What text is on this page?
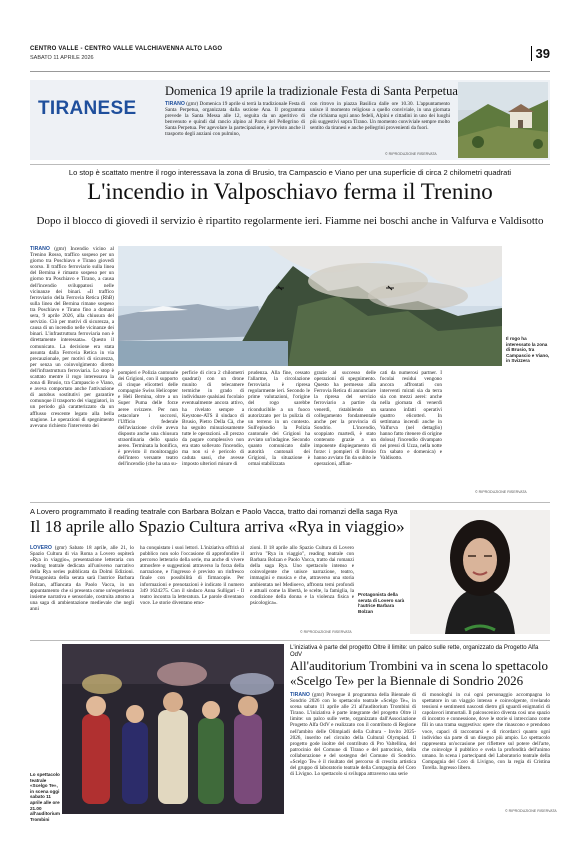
CENTRO VALLE - CENTRO VALLE VALCHIAVENNA ALTO LAGO
SABATO 11 APRILE 2026	39
TIRANESE
Domenica 19 aprile la tradizionale Festa di Santa Perpetua
TIRANO (gmr) Domenica 19 aprile si terrà la tradizionale Festa di Santa Perpetua, organizzata dalla sezione Ana. Il programma prevede la Santa Messa alle 12, seguita da un aperitivo di benvenuto e quindi dal rancio alpino al Parco del Pellegrino di Santa Perpetua. Per agevolare la partecipazione, è previsto anche il trasporto degli anziani con pulmino,
con ritrovo in piazza Basilica dalle ore 10.30. L'appuntamento unisce il momento religioso a quello conviviale, in una giornata che richiama ogni anno fedeli, Alpini e cittadini in uno dei luoghi più suggestivi sopra Tirano. Un momento conviviale sempre molto sentito da tiranesi e anche pellegrini provenienti da fuori.
© RIPRODUZIONE RISERVATA
Lo stop è scattato mentre il rogo interessava la zona di Brusio, tra Campascio e Viano per una superficie di circa 2 chilometri quadrati
L'incendio in Valposchiavo ferma il Trenino
Dopo il blocco di giovedì il servizio è ripartito regolarmente ieri. Fiamme nei boschi anche in Valfurva e Valdisotto
TIRANO (gmr) Incendio vicino al Trenino Rosso, traffico sospeso per un giorno tra Poschiavo e Tirano giovedì scorso. Il traffico ferroviario sulla linea del Bernina è rimasto sospeso per un giorno tra Poschiavo e Tirano, a causa dell'incendio sviluppatosi nelle vicinanze dei binari. «Il traffico ferroviario della Ferrovia Retica (RhB) sulla linea del Bernina rimane sospeso tra Poschiavo e Tirano fino a domani sera, 9 aprile 2026, alla chiusura del servizio. Ciò per motivi di sicurezza, a causa di un incendio nelle vicinanze dei binari. L'infrastruttura ferroviaria non è direttamente interessata». Questo il comunicato. La decisione era stata assunta dalla Ferrovia Retica in via precauzionale, per motivi di sicurezza, per senza un coinvolgimento diretto dell'infrastruttura ferroviaria. Lo stop è scattato mentre il rogo interessava la zona di Brusio, tra Campascio e Viano, e aveva comportato anche l'attivazione di autobus sostitutivi per garantire comunque il trasporto dei viaggiatori, in un periodo già caratterizzato da un afflusso crescente legato alla bella stagione. Le operazioni di spegnimento avevano richiesto l'intervento dei
Il rogo ha interessato la zona di Brusio, tra Campascio e Viano, in Svizzera
pompieri e Polizia cantonale dei Grigioni, con il supporto di cinque elicotteri delle compagnie Swiss Helicopter e Heli Bernina, oltre a un Super Puma delle forze aeree svizzere. Per non ostacolare i soccorsi, l'Ufficio federale dell'aviazione civile aveva disposto anche una chiusura straordinaria dello spazio aereo. Terminata la bonifica, è previsto il monitoraggio dell'intero versante teatro dell'incendio (che ha una su-
perficie di circa 2 chilometri quadrati) con un drone munito di telecamere termiche in grado di individuare qualsiasi focolaio eventualmente ancora attivo, ha rivelato sempre a Keystone-ATS il sindaco di Brusio, Pietro Della Cà, che ha seguito minuziosamente tutte le operazioni. «Il prezzo da pagare complessivo non era stato sollevato l'incendio, ma non si è pericolo di caduta sassi, che avesse imposto ulteriori misure di
prudenza. Alla fine, cessato l'allarme, la circolazione ferroviaria è ripresa regolarmente ieri. Secondo le prime valutazioni, l'origine del rogo sarebbe riconducibile a un fuoco autorizzato per la pulizia di un terreno in un contesto. Sull'episodio la Polizia cantonale dei Grigioni ha avviato un'indagine. Secondo quanto comunicato dalle autorità cantonali dei Grigioni, la situazione è ormai stabilizzata
grazie al successo delle operazioni di spegnimento. Questo ha permesso alla Ferrovia Retica di annunciare la ripresa del servizio ferroviario a partire da venerdì, ristabilendo un collegamento fondamentale anche per la provincia di Sondrio. L'incendio, scoppiato martedì, è stato contenuto grazie a un imponente dispiegamento di forze: i pompieri di Brusio hanno avviato fin da subito le operazioni, affian-
cati da numerosi partner. I focolai residui vengono ancora affrontati con interventi mirati sia da terra sia con mezzi aerei: anche nella giornata di venerdì saranno infatti operativi quattro elicotteri. In settimana incendi anche in Valfurva (nel dettaglio) hanno fatto ritenere di origine dolosa) l'incendio divampato nei pressi di Uzza, nella notte fra sabato e domenica) e Valdisotto.
© RIPRODUZIONE RISERVATA
A Lovero programmato il reading teatrale con Barbara Bolzan e Paolo Vacca, tratto dai romanzi della saga Rya
Il 18 aprile allo Spazio Cultura arriva «Rya in viaggio»
LOVERO (gmr) Sabato 18 aprile, alle 21, lo Spazio Cultura di via Roma a Lovero ospiterà «Rya in viaggio», presentazione letteraria con reading teatrale dedicata all'universo narrativo della Rya series pubblicata da Dolmi Edizioni. Protagonista della serata sarà l'autrice Barbara Bolzan, affiancata da Paolo Vacca, in un appuntamento che si presenta come un'esperienza insieme narrativa e sensoriale, costruita attorno a una saga di ambientazione medievale che negli anni
ha conquistato i suoi lettori. L'iniziativa offrirà al pubblico non solo l'occasione di approfondire il percorso letterario della serie, ma anche di vivere atmosfere e suggestioni attraverso la forza della narrazione, e l'ingresso è previsto un rinfresco finale con possibilità di firmacopie. Per informazioni e prenotazioni è indicato il numero 349 1624275. Con il sindaco Anna Sulligari - Il teatro incontra la letteratura. Le parole diventano voce. Le storie diventano emo-
zioni. Il 18 aprile allo Spazio Cultura di Lovero arriva "Rya in viaggio", reading teatrale con Barbara Bolzan e Paolo Vacca, tratto dai romanzi della saga Rya. Uno spettacolo intenso e coinvolgente che unisce narrazione, teatro, immagini e musica e che, attraverso una storia ambientata nel Medioevo, affronta temi profondi e attuali come la libertà, le scelte, la famiglia, la condizione della donna e la violenza fisica e psicologica».
© RIPRODUZIONE RISERVATA
Protagonista della serata di Lovero sarà l'autrice Barbara Bolzan
Lo spettacolo teatrale «Scelgo Te», in scena oggi sabato 11 aprile alle ore 21.00 all'auditorium Trombini
L'iniziativa è parte del progetto Oltre il limite: un palco sulle rette, organizzato da Progetto Alfa OdV
All'auditorium Trombini va in scena lo spettacolo «Scelgo Te» per la Biennale di Sondrio 2026
TIRANO (gmr) Prosegue il programma della Biennale di Sondrio 2026 con lo spettacolo teatrale «Scelgo Te», in scena sabato 11 aprile alle 21 all'auditorium Trombini di Tirano. L'iniziativa è parte integrante del progetto Oltre il limite: un palco sulle vette, organizzato dall'Associazione Progetto Alfa OdV e realizzato con il contributo di Regione nell'ambito delle Olimpiadi della Cultura - Invito 2025-2026, inserito nel circuito della Cultural Olympiad. Il progetto gode inoltre del contributo di Pro Valtellina, del patrocinio del Comune di Tirano e del patrocinio, della collaborazione e del sostegno del Comune di Sondrio. «Scelgo Te» è il risultato del percorso di crescita artistica del gruppo di laboratorio teatrale della Compagnia del Coro di Livigno. Lo spettacolo si sviluppa attraverso una serie
di monologhi in cui ogni personaggio accompagna lo spettatore in un viaggio intenso e coinvolgente, rivelando tensioni e sentimenti nascosti dietro gli sguardi enigmatici di capolavori immortali. Il palcoscenico diventa così uno spazio di incontro e connessione, dove le storie si intrecciano come fili in una trama suggestiva: opere che rinascono e prendono voce, capaci di raccontarsi e di ricordarci quanto ogni individuo sia parte di un disegno più ampio. Lo spettacolo rappresenta un'occasione per riflettere sul potere dell'arte, che coinvolge il pubblico e svela la profondità dell'animo umano. In scena i partecipanti del Laboratorio teatrale della Compagnia del Coro di Livigno, con la regia di Cristina Torella. Ingresso libero.
© RIPRODUZIONE RISERVATA
